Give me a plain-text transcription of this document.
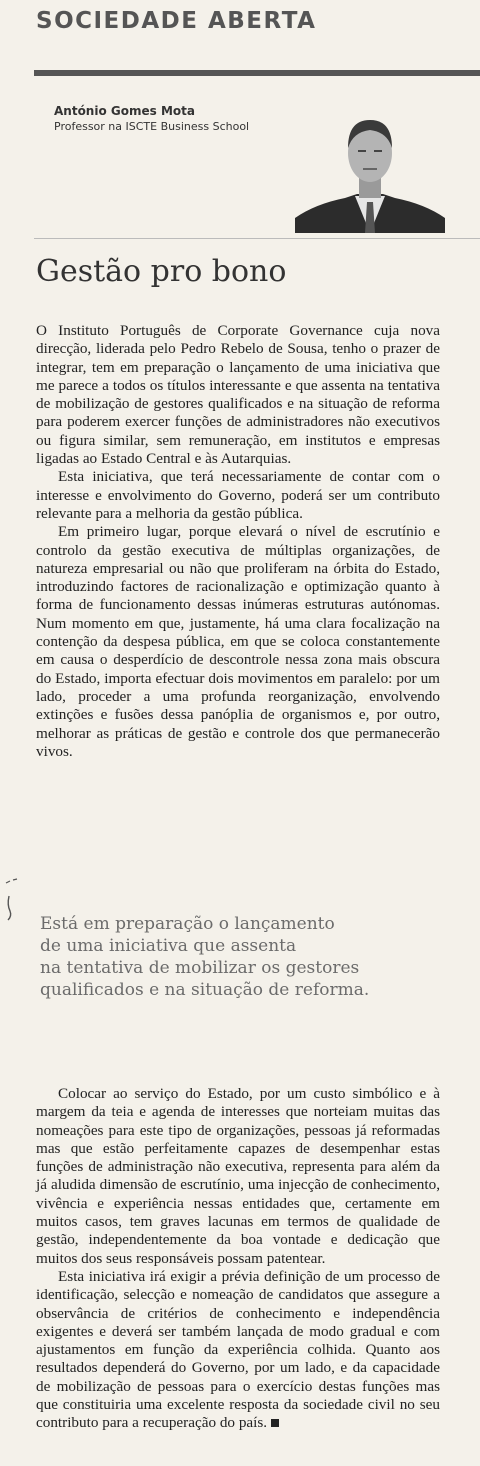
SOCIEDADE ABERTA
António Gomes Mota
Professor na ISCTE Business School
Gestão pro bono

O Instituto Português de Corporate Governance cuja nova direcção, liderada pelo Pedro Rebelo de Sousa, tenho o prazer de integrar, tem em preparação o lançamento de uma iniciativa que me parece a todos os títulos interessante e que assenta na tentativa de mobilização de gestores qualificados e na situação de reforma para poderem exercer funções de administradores não executivos ou figura similar, sem remuneração, em institutos e empresas ligadas ao Estado Central e às Autarquias.

Esta iniciativa, que terá necessariamente de contar com o interesse e envolvimento do Governo, poderá ser um contributo relevante para a melhoria da gestão pública.

Em primeiro lugar, porque elevará o nível de escrutínio e controlo da gestão executiva de múltiplas organizações, de natureza empresarial ou não que proliferam na órbita do Estado, introduzindo factores de racionalização e optimização quanto à forma de funcionamento dessas inúmeras estruturas autónomas. Num momento em que, justamente, há uma clara focalização na contenção da despesa pública, em que se coloca constantemente em causa o desperdício de descontrole nessa zona mais obscura do Estado, importa efectuar dois movimentos em paralelo: por um lado, proceder a uma profunda reorganização, envolvendo extinções e fusões dessa panóplia de organismos e, por outro, melhorar as práticas de gestão e controle dos que permanecerão vivos.

Está em preparação o lançamento
de uma iniciativa que assenta
na tentativa de mobilizar os gestores
qualificados e na situação de reforma.

Colocar ao serviço do Estado, por um custo simbólico e à margem da teia e agenda de interesses que norteiam muitas das nomeações para este tipo de organizações, pessoas já reformadas mas que estão perfeitamente capazes de desempenhar estas funções de administração não executiva, representa para além da já aludida dimensão de escrutínio, uma injecção de conhecimento, vivência e experiência nessas entidades que, certamente em muitos casos, tem graves lacunas em termos de qualidade de gestão, independentemente da boa vontade e dedicação que muitos dos seus responsáveis possam patentear.

Esta iniciativa irá exigir a prévia definição de um processo de identificação, selecção e nomeação de candidatos que assegure a observância de critérios de conhecimento e independência exigentes e deverá ser também lançada de modo gradual e com ajustamentos em função da experiência colhida. Quanto aos resultados dependerá do Governo, por um lado, e da capacidade de mobilização de pessoas para o exercício destas funções mas que constituiria uma excelente resposta da sociedade civil no seu contributo para a recuperação do país.
